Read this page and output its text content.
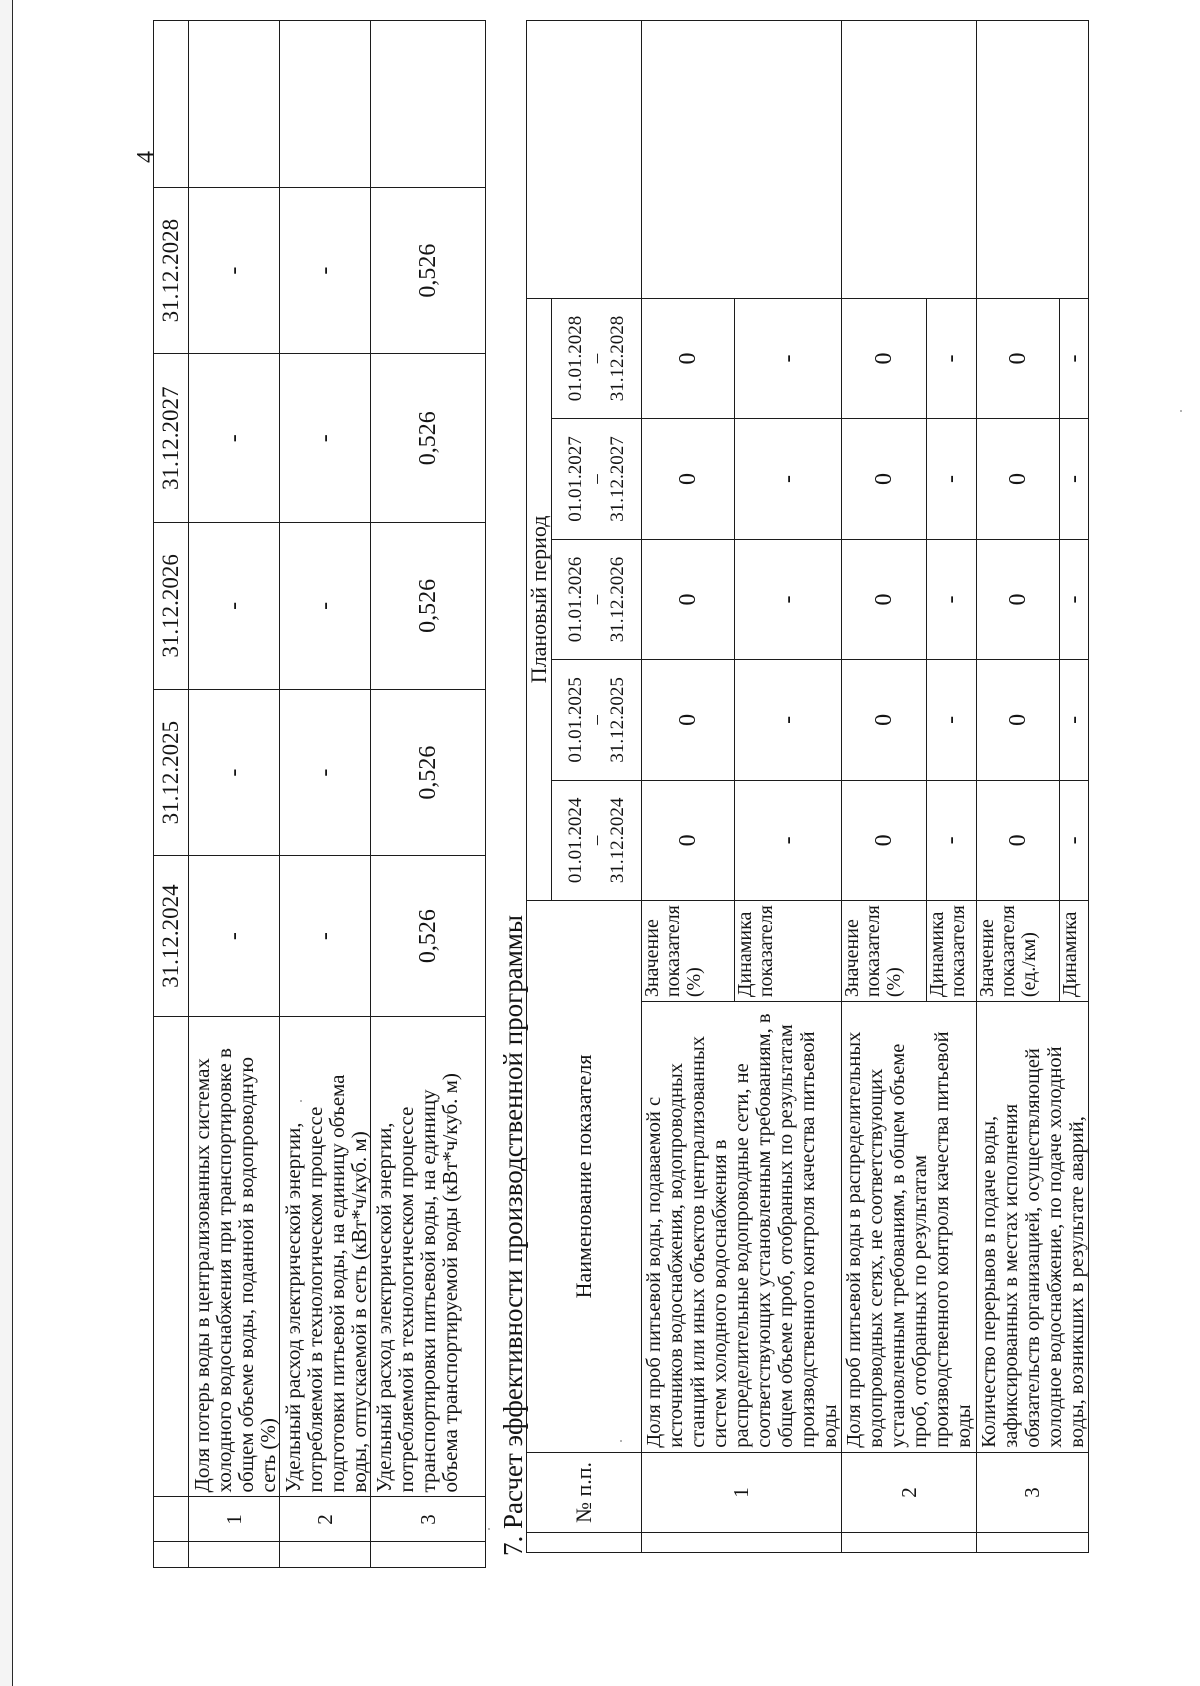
4
			31.12.2024	31.12.2025	31.12.2026	31.12.2027	31.12.2028	
	1	Доля потерь воды в централизованных системах холодного водоснабжения при транспортировке в общем объеме воды, поданной в водопроводную сеть (%)	-	-	-	-	-	
	2	Удельный расход электрической энергии, потребляемой в технологическом процессе подготовки питьевой воды, на единицу объема воды, отпускаемой в сеть (кВт*ч/куб. м)	-	-	-	-	-	
	3	Удельный расход электрической энергии, потребляемой в технологическом процессе транспортировки питьевой воды, на единицу объема транспортируемой воды (кВт*ч/куб. м)	0,526	0,526	0,526	0,526	0,526	
7. Расчет эффективности производственной программы
	№ п.п.	Наименование показателя		Плановый период					
				01.01.2024
–
31.12.2024	01.01.2025
–
31.12.2025	01.01.2026
–
31.12.2026	01.01.2027
–
31.12.2027	01.01.2028
–
31.12.2028	
	1	Доля проб питьевой воды, подаваемой с источников водоснабжения, водопроводных станций или иных объектов централизованных систем холодного водоснабжения в распределительные водопроводные сети, не соответствующих установленным требованиям, в общем объеме проб, отобранных по результатам производственного контроля качества питьевой воды	Значение показателя (%)	0	0	0	0	0	
			Динамика показателя	-	-	-	-	-	
	2	Доля проб питьевой воды в распределительных водопроводных сетях, не соответствующих установленным требованиям, в общем объеме проб, отобранных по результатам производственного контроля качества питьевой воды	Значение показателя (%)	0	0	0	0	0	
			Динамика показателя	-	-	-	-	-	
	3	Количество перерывов в подаче воды, зафиксированных в местах исполнения обязательств организацией, осуществляющей холодное водоснабжение, по подаче холодной воды, возникших в результате аварий,	Значение показателя (ед./км)	0	0	0	0	0	
			Динамика	-	-	-	-	-	
